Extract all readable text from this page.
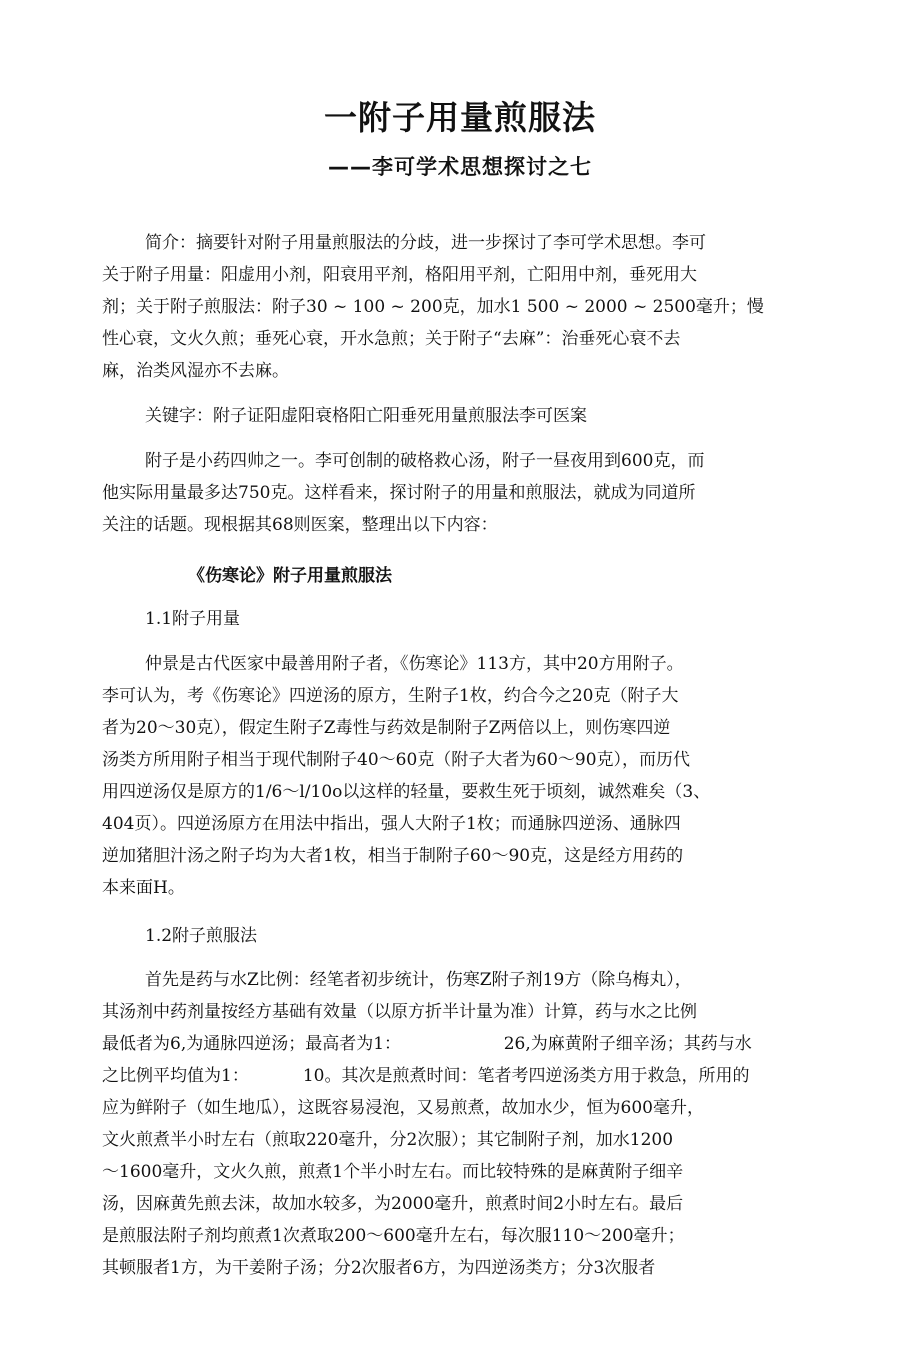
一附子用量煎服法
——李可学术思想探讨之七
简介：摘要针对附子用量煎服法的分歧，进一步探讨了李可学术思想。李可
关于附子用量：阳虚用小剂，阳衰用平剂，格阳用平剂，亡阳用中剂，垂死用大
剂；关于附子煎服法：附子30 ~ 100 ~ 200克，加水1 500 ~ 2000 ~ 2500毫升；慢
性心衰，文火久煎；垂死心衰，开水急煎；关于附子“去麻”：治垂死心衰不去
麻，治类风湿亦不去麻。
关键字：附子证阳虚阳衰格阳亡阳垂死用量煎服法李可医案
附子是小药四帅之一。李可创制的破格救心汤，附子一昼夜用到600克，而
他实际用量最多达750克。这样看来，探讨附子的用量和煎服法，就成为同道所
关注的话题。现根据其68则医案，整理出以下内容：
《伤寒论》附子用量煎服法
1.1附子用量
仲景是古代医家中最善用附子者，《伤寒论》113方，其中20方用附子。
李可认为，考《伤寒论》四逆汤的原方，生附子1枚，约合今之20克（附子大
者为20～30克），假定生附子Z毒性与药效是制附子Z两倍以上，则伤寒四逆
汤类方所用附子相当于现代制附子40～60克（附子大者为60～90克），而历代
用四逆汤仅是原方的1/6～l/10o以这样的轻量，要救生死于顷刻，诚然难矣（3、
404页）。四逆汤原方在用法中指出，强人大附子1枚；而通脉四逆汤、通脉四
逆加猪胆汁汤之附子均为大者1枚，相当于制附子60～90克，这是经方用药的
本来面H。
1.2附子煎服法
首先是药与水Z比例：经笔者初步统计，伤寒Z附子剂19方（除乌梅丸），
其汤剂中药剂量按经方基础有效量（以原方折半计量为准）计算，药与水之比例
最低者为6,为通脉四逆汤；最高者为1：                   26,为麻黄附子细辛汤；其药与水
之比例平均值为1：          10。其次是煎煮时间：笔者考四逆汤类方用于救急，所用的
应为鲜附子（如生地瓜），这既容易浸泡，又易煎煮，故加水少，恒为600毫升，
文火煎煮半小时左右（煎取220毫升，分2次服）；其它制附子剂，加水1200
～1600毫升，文火久煎，煎煮1个半小时左右。而比较特殊的是麻黄附子细辛
汤，因麻黄先煎去沫，故加水较多，为2000毫升，煎煮时间2小时左右。最后
是煎服法附子剂均煎煮1次煮取200～600毫升左右，每次服110～200毫升；
其顿服者1方，为干姜附子汤；分2次服者6方，为四逆汤类方；分3次服者
